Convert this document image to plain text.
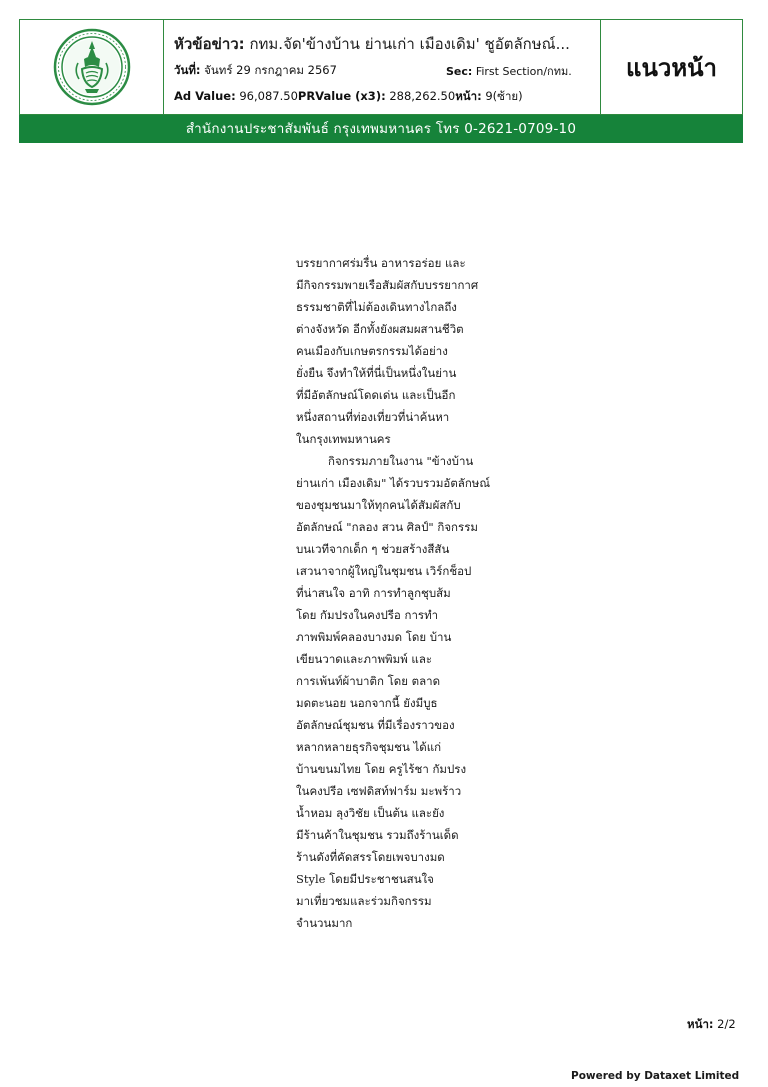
หัวข้อข่าว: กทม.จัด'ข้างบ้าน ย่านเก่า เมืองเดิม' ชูอัตลักษณ์...
วันที่: จันทร์ 29 กรกฎาคม 2567	Sec: First Section/กทม.
Ad Value: 96,087.50PRValue (x3): 288,262.50หน้า: 9(ซ้าย)
แนวหน้า
สำนักงานประชาสัมพันธ์ กรุงเทพมหานคร โทร 0-2621-0709-10

บรรยากาศร่มรื่น อาหารอร่อย และ

มีกิจกรรมพายเรือสัมผัสกับบรรยากาศ

ธรรมชาติที่ไม่ต้องเดินทางไกลถึง

ต่างจังหวัด อีกทั้งยังผสมผสานชีวิต

คนเมืองกับเกษตรกรรมได้อย่าง

ยั่งยืน จึงทำให้ที่นี่เป็นหนึ่งในย่าน

ที่มีอัตลักษณ์โดดเด่น และเป็นอีก

หนึ่งสถานที่ท่องเที่ยวที่น่าค้นหา

ในกรุงเทพมหานคร

กิจกรรมภายในงาน "ข้างบ้าน

ย่านเก่า เมืองเดิม" ได้รวบรวมอัตลักษณ์

ของชุมชนมาให้ทุกคนได้สัมผัสกับ

อัตลักษณ์ "กลอง สวน ศิลป์" กิจกรรม

บนเวทีจากเด็ก ๆ ช่วยสร้างสีสัน

เสวนาจากผู้ใหญ่ในชุมชน เวิร์กช็อป

ที่น่าสนใจ อาทิ การทำลูกชุบส้ม

โดย กัมปรงในคงปรีอ การทำ

ภาพพิมพ์คลองบางมด โดย บ้าน

เขียนวาดและภาพพิมพ์ และ

การเพ้นท์ผ้าบาติก โดย ตลาด

มดตะนอย นอกจากนี้ ยังมีบูธ

อัตลักษณ์ชุมชน ที่มีเรื่องราวของ

หลากหลายธุรกิจชุมชน ได้แก่

บ้านขนมไทย โดย ครูไร้ชา กัมปรง

ในคงปรีอ เซฟดิสท์ฟาร์ม มะพร้าว

น้ำหอม ลุงวิชัย เป็นต้น และยัง

มีร้านค้าในชุมชน รวมถึงร้านเด็ด

ร้านดังที่คัดสรรโดยเพจบางมด

Style โดยมีประชาชนสนใจ

มาเที่ยวชมและร่วมกิจกรรม

จำนวนมาก

หน้า: 2/2
Powered by Dataxet Limited
